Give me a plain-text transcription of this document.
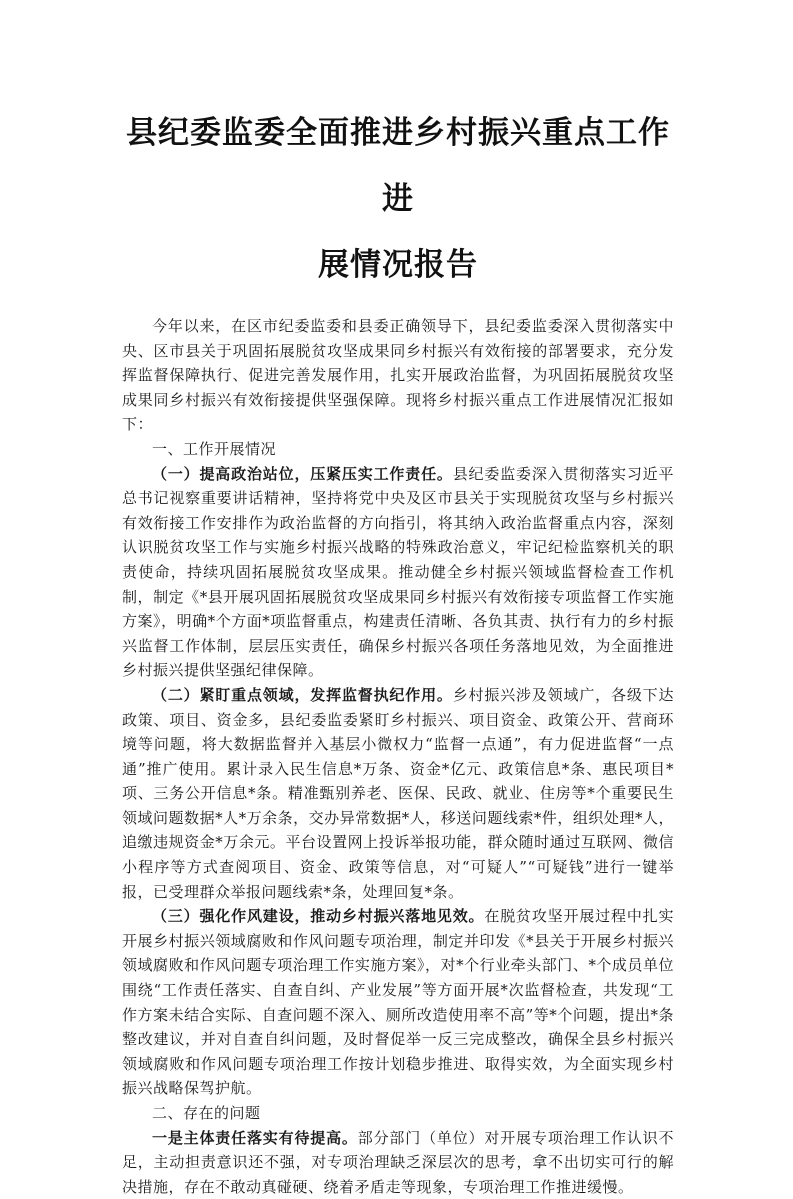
县纪委监委全面推进乡村振兴重点工作进
展情况报告

今年以来，在区市纪委监委和县委正确领导下，县纪委监委深入贯彻落实中央、区市县关于巩固拓展脱贫攻坚成果同乡村振兴有效衔接的部署要求，充分发挥监督保障执行、促进完善发展作用，扎实开展政治监督，为巩固拓展脱贫攻坚成果同乡村振兴有效衔接提供坚强保障。现将乡村振兴重点工作进展情况汇报如下：

一、工作开展情况

（一）提高政治站位，压紧压实工作责任。县纪委监委深入贯彻落实习近平总书记视察重要讲话精神，坚持将党中央及区市县关于实现脱贫攻坚与乡村振兴有效衔接工作安排作为政治监督的方向指引，将其纳入政治监督重点内容，深刻认识脱贫攻坚工作与实施乡村振兴战略的特殊政治意义，牢记纪检监察机关的职责使命，持续巩固拓展脱贫攻坚成果。推动健全乡村振兴领域监督检查工作机制，制定《*县开展巩固拓展脱贫攻坚成果同乡村振兴有效衔接专项监督工作实施方案》，明确*个方面*项监督重点，构建责任清晰、各负其责、执行有力的乡村振兴监督工作体制，层层压实责任，确保乡村振兴各项任务落地见效，为全面推进乡村振兴提供坚强纪律保障。

（二）紧盯重点领域，发挥监督执纪作用。乡村振兴涉及领域广，各级下达政策、项目、资金多，县纪委监委紧盯乡村振兴、项目资金、政策公开、营商环境等问题，将大数据监督并入基层小微权力“监督一点通”，有力促进监督“一点通”推广使用。累计录入民生信息*万条、资金*亿元、政策信息*条、惠民项目*项、三务公开信息*条。精准甄别养老、医保、民政、就业、住房等*个重要民生领域问题数据*人*万余条，交办异常数据*人，移送问题线索*件，组织处理*人，追缴违规资金*万余元。平台设置网上投诉举报功能，群众随时通过互联网、微信小程序等方式查阅项目、资金、政策等信息，对“可疑人”“可疑钱”进行一键举报，已受理群众举报问题线索*条，处理回复*条。

（三）强化作风建设，推动乡村振兴落地见效。在脱贫攻坚开展过程中扎实开展乡村振兴领域腐败和作风问题专项治理，制定并印发《*县关于开展乡村振兴领域腐败和作风问题专项治理工作实施方案》，对*个行业牵头部门、*个成员单位围绕“工作责任落实、自查自纠、产业发展”等方面开展*次监督检查，共发现“工作方案未结合实际、自查问题不深入、厕所改造使用率不高”等*个问题，提出*条整改建议，并对自查自纠问题，及时督促举一反三完成整改，确保全县乡村振兴领域腐败和作风问题专项治理工作按计划稳步推进、取得实效，为全面实现乡村振兴战略保驾护航。

二、存在的问题

一是主体责任落实有待提高。部分部门（单位）对开展专项治理工作认识不足，主动担责意识还不强，对专项治理缺乏深层次的思考，拿不出切实可行的解决措施，存在不敢动真碰硬、绕着矛盾走等现象，专项治理工作推进缓慢。
